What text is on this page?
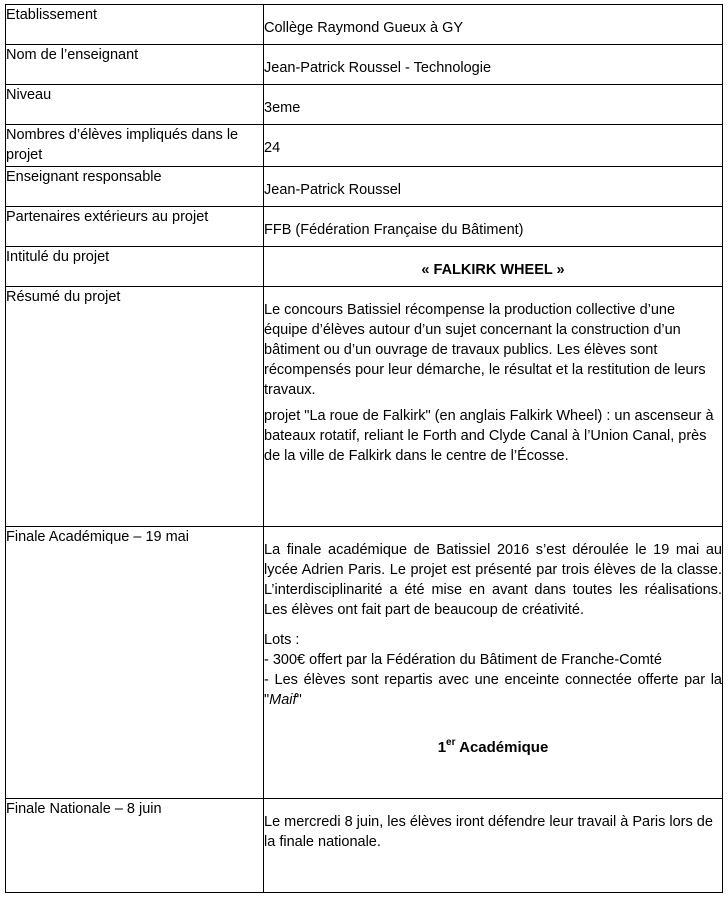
Etablissement	Collège Raymond Gueux à GY
Nom de l’enseignant	Jean-Patrick Roussel - Technologie
Niveau	3eme
Nombres d’élèves impliqués dans le projet	24
Enseignant responsable	Jean-Patrick Roussel
Partenaires extérieurs au projet	FFB (Fédération Française du Bâtiment)
Intitulé du projet	« FALKIRK WHEEL »
Résumé du projet	Le concours Batissiel récompense la production collective d’une équipe d’élèves autour d’un sujet concernant la construction d’un bâtiment ou d’un ouvrage de travaux publics. Les élèves sont récompensés pour leur démarche, le résultat et la restitution de leurs travaux.

projet "La roue de Falkirk" (en anglais Falkirk Wheel) : un ascenseur à bateaux rotatif, reliant le Forth and Clyde Canal à l’Union Canal, près de la ville de Falkirk dans le centre de l’Écosse.

Finale Académique – 19 mai	La finale académique de Batissiel 2016 s’est déroulée le 19 mai au lycée Adrien Paris. Le projet est présenté par trois élèves de la classe. L’interdisciplinarité a été mise en avant dans toutes les réalisations. Les élèves ont fait part de beaucoup de créativité.

Lots :
- 300€ offert par la Fédération du Bâtiment de Franche-Comté
- Les élèves sont repartis avec une enceinte connectée offerte par la "Maif"
1er Académique

Finale Nationale – 8 juin	Le mercredi 8 juin, les élèves iront défendre leur travail à Paris lors de la finale nationale.
